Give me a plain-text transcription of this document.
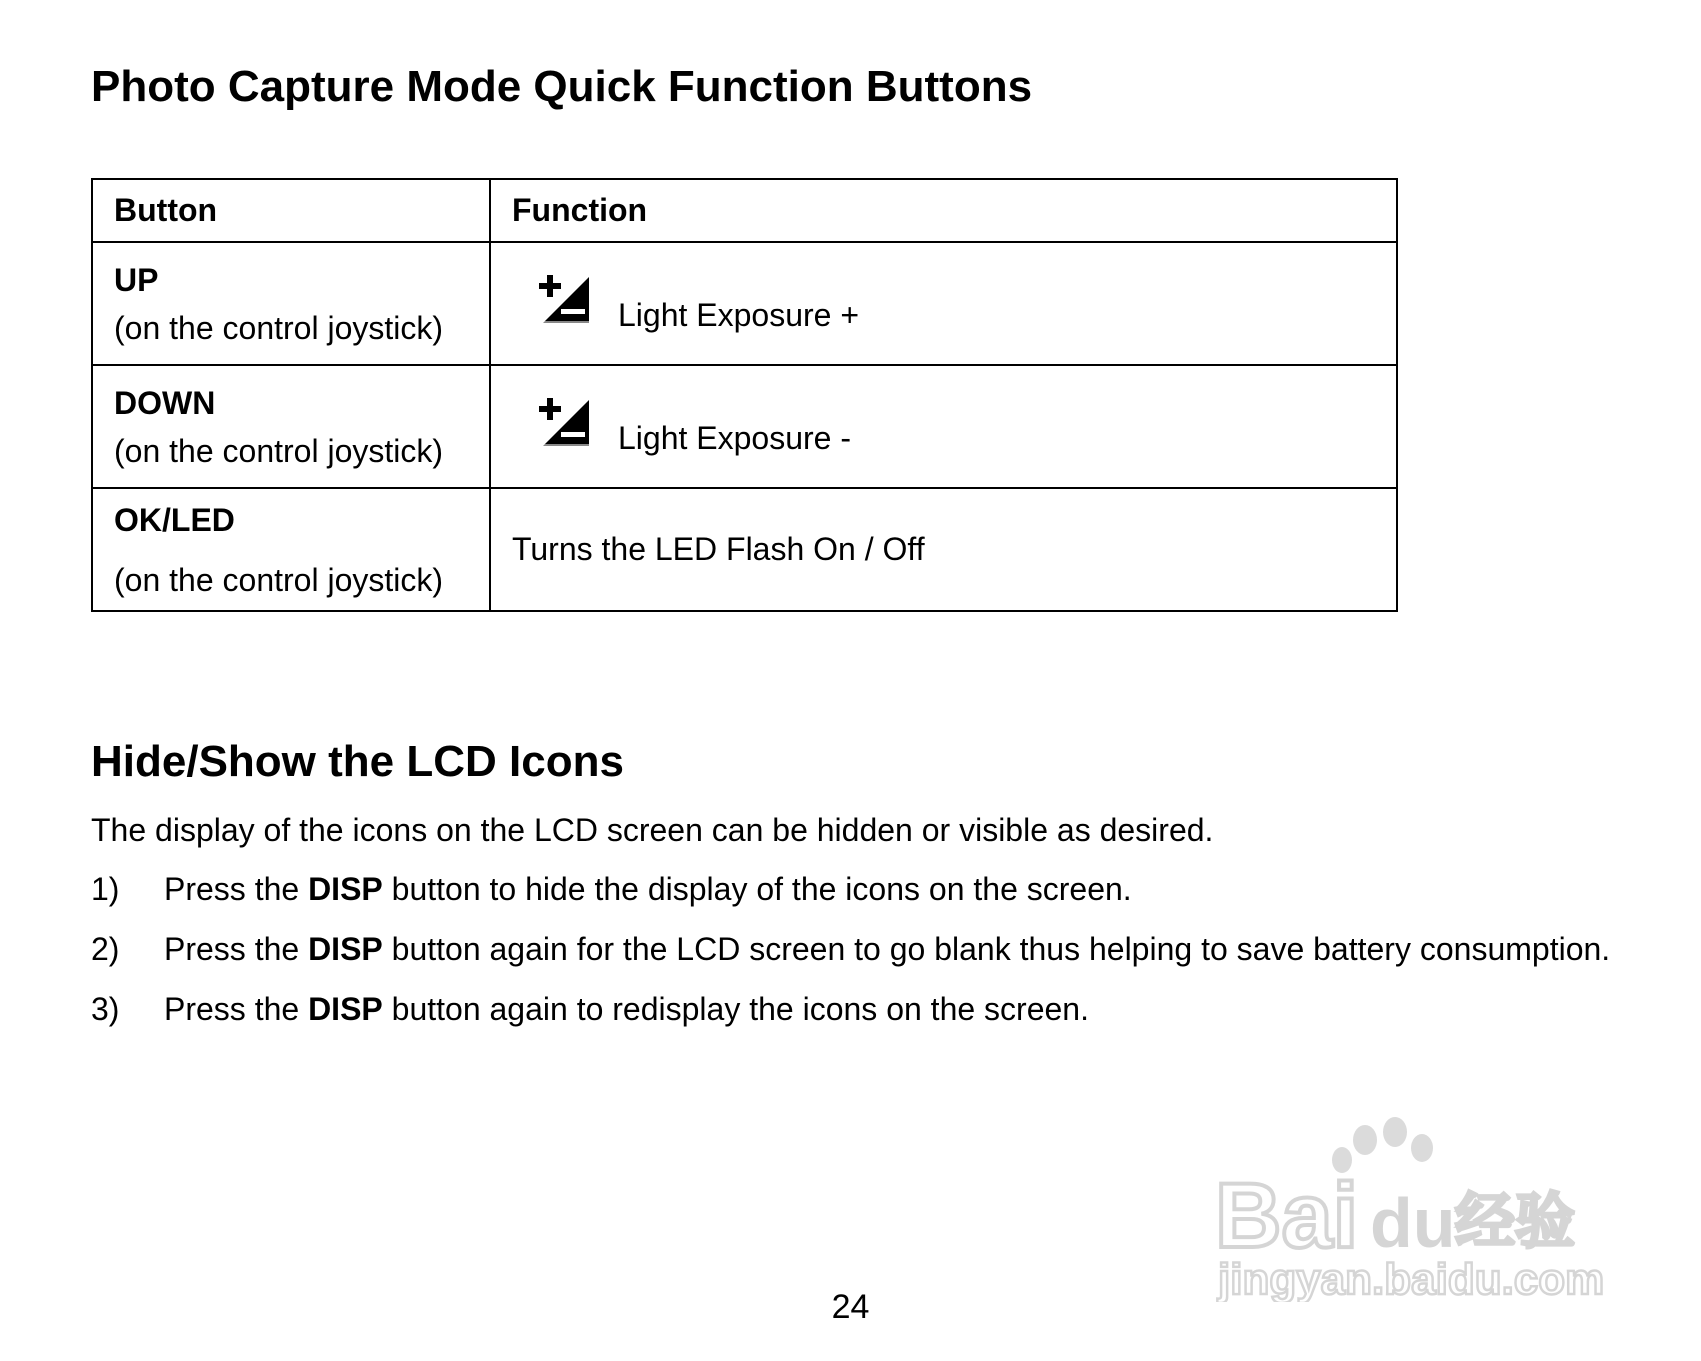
Photo Capture Mode Quick Function Buttons
Button	Function

UP
(on the control joystick)	Light Exposure +

DOWN
(on the control joystick)	Light Exposure -

OK/LED
(on the control joystick)	Turns the LED Flash On / Off
Hide/Show the LCD Icons

The display of the icons on the LCD screen can be hidden or visible as desired.

1) Press the DISP button to hide the display of the icons on the screen.
2) Press the DISP button again for the LCD screen to go blank thus helping to save battery consumption.
3) Press the DISP button again to redisplay the icons on the screen.
Bai du 经验
jingyan.baidu.com
24
